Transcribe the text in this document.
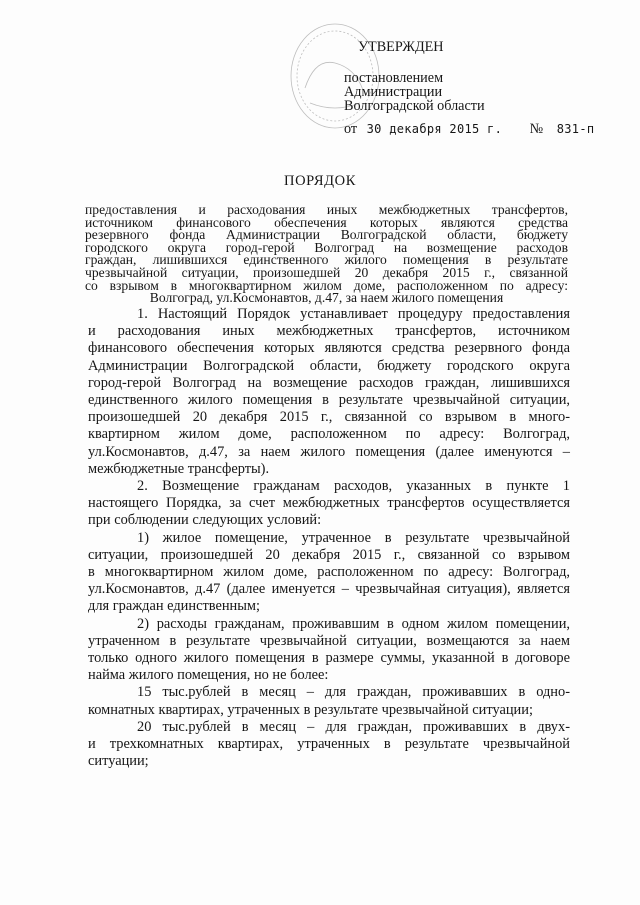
УТВЕРЖДЕН
постановлением
Администрации
Волгоградской области
от 30 декабря 2015 г. № 831-п
ПОРЯДОК
предоставления и расходования иных межбюджетных трансфертов,
источником финансового обеспечения которых являются средства
резервного фонда Администрации Волгоградской области, бюджету
городского округа город-герой Волгоград на возмещение расходов
граждан, лишившихся единственного жилого помещения в результате
чрезвычайной ситуации, произошедшей 20 декабря 2015 г., связанной
со взрывом в многоквартирном жилом доме, расположенном по адресу:
Волгоград, ул.Космонавтов, д.47, за наем жилого помещения
1. Настоящий Порядок устанавливает процедуру предоставления
и расходования иных межбюджетных трансфертов, источником
финансового обеспечения которых являются средства резервного фонда
Администрации Волгоградской области, бюджету городского округа
город-герой Волгоград на возмещение расходов граждан, лишившихся
единственного жилого помещения в результате чрезвычайной ситуации,
произошедшей 20 декабря 2015 г., связанной со взрывом в много-
квартирном жилом доме, расположенном по адресу: Волгоград,
ул.Космонавтов, д.47, за наем жилого помещения (далее именуются –
межбюджетные трансферты).
2. Возмещение гражданам расходов, указанных в пункте 1
настоящего Порядка, за счет межбюджетных трансфертов осуществляется
при соблюдении следующих условий:
1) жилое помещение, утраченное в результате чрезвычайной
ситуации, произошедшей 20 декабря 2015 г., связанной со взрывом
в многоквартирном жилом доме, расположенном по адресу: Волгоград,
ул.Космонавтов, д.47 (далее именуется – чрезвычайная ситуация), является
для граждан единственным;
2) расходы гражданам, проживавшим в одном жилом помещении,
утраченном в результате чрезвычайной ситуации, возмещаются за наем
только одного жилого помещения в размере суммы, указанной в договоре
найма жилого помещения, но не более:
15 тыс.рублей в месяц – для граждан, проживавших в одно-
комнатных квартирах, утраченных в результате чрезвычайной ситуации;
20 тыс.рублей в месяц – для граждан, проживавших в двух-
и трехкомнатных квартирах, утраченных в результате чрезвычайной
ситуации;
